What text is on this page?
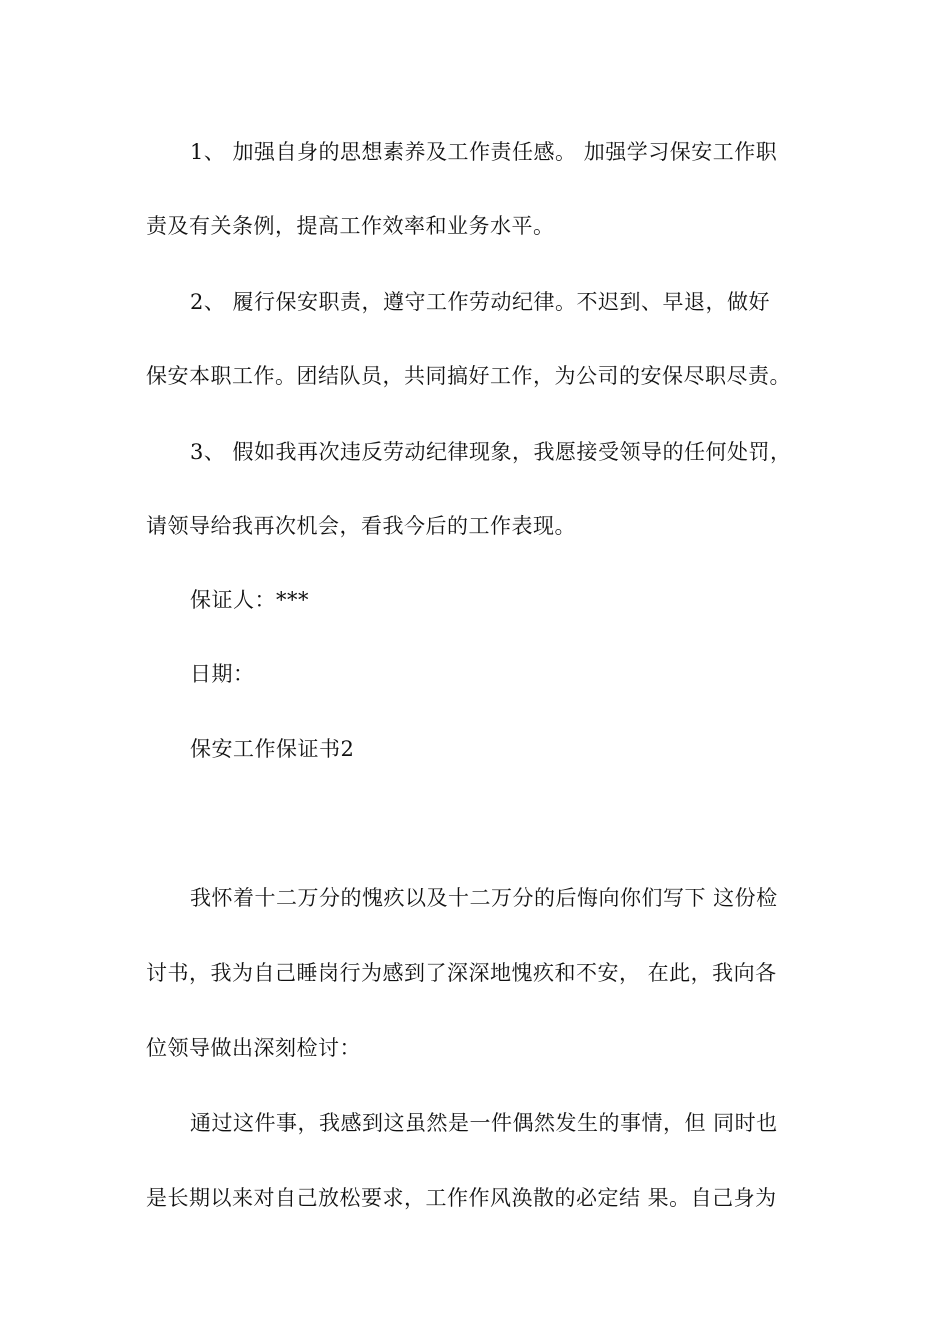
1、 加强自身的思想素养及工作责任感。 加强学习保安工作职
责及有关条例，提高工作效率和业务水平。
2、 履行保安职责，遵守工作劳动纪律。不迟到、早退，做好
保安本职工作。团结队员，共同搞好工作，为公司的安保尽职尽责。
3、 假如我再次违反劳动纪律现象，我愿接受领导的任何处罚，
请领导给我再次机会，看我今后的工作表现。
保证人：***
日期：
保安工作保证书2
我怀着十二万分的愧疚以及十二万分的后悔向你们写下 这份检
讨书，我为自己睡岗行为感到了深深地愧疚和不安， 在此，我向各
位领导做出深刻检讨：
通过这件事，我感到这虽然是一件偶然发生的事情，但 同时也
是长期以来对自己放松要求，工作作风涣散的必定结 果。自己身为
